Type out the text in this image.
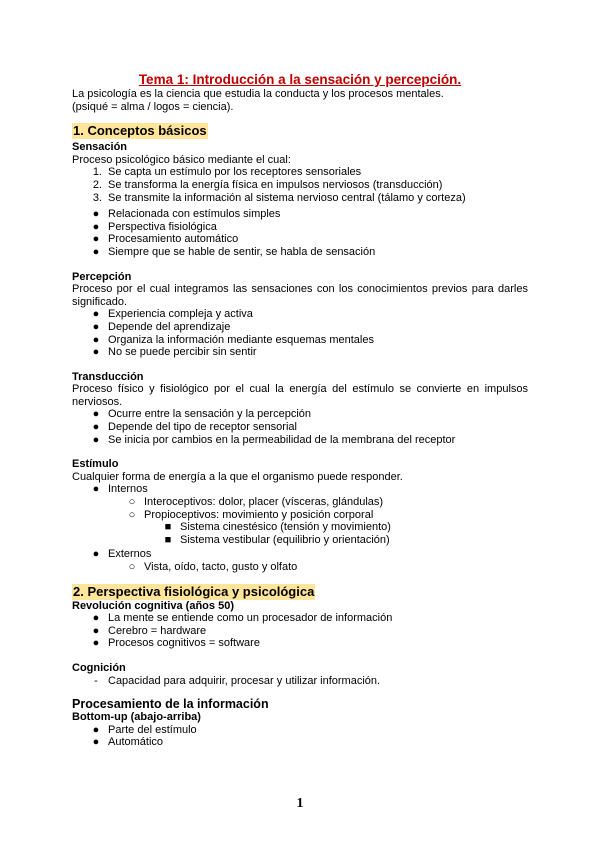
Tema 1: Introducción a la sensación y percepción.

La psicología es la ciencia que estudia la conducta y los procesos mentales.

(psiqué = alma / logos = ciencia).

1. Conceptos básicos

Sensación

Proceso psicológico básico mediante el cual:

1. Se capta un estímulo por los receptores sensoriales
2. Se transforma la energía física en impulsos nerviosos (transducción)
3. Se transmite la información al sistema nervioso central (tálamo y corteza)
● Relacionada con estímulos simples
● Perspectiva fisiológica
● Procesamiento automático
● Siempre que se hable de sentir, se habla de sensación

Percepción

Proceso por el cual integramos las sensaciones con los conocimientos previos para darles significado.

● Experiencia compleja y activa
● Depende del aprendizaje
● Organiza la información mediante esquemas mentales
● No se puede percibir sin sentir

Transducción

Proceso físico y fisiológico por el cual la energía del estímulo se convierte en impulsos nerviosos.

● Ocurre entre la sensación y la percepción
● Depende del tipo de receptor sensorial
● Se inicia por cambios en la permeabilidad de la membrana del receptor

Estímulo

Cualquier forma de energía a la que el organismo puede responder.

● Internos
○ Interoceptivos: dolor, placer (vísceras, glándulas)
○ Propioceptivos: movimiento y posición corporal
■ Sistema cinestésico (tensión y movimiento)
■ Sistema vestibular (equilibrio y orientación)
● Externos
○ Vista, oído, tacto, gusto y olfato
2. Perspectiva fisiológica y psicológica

Revolución cognitiva (años 50)

● La mente se entiende como un procesador de información
● Cerebro = hardware
● Procesos cognitivos = software

Cognición

- Capacidad para adquirir, procesar y utilizar información.

Procesamiento de la información

Bottom-up (abajo-arriba)

● Parte del estímulo
● Automático
1
